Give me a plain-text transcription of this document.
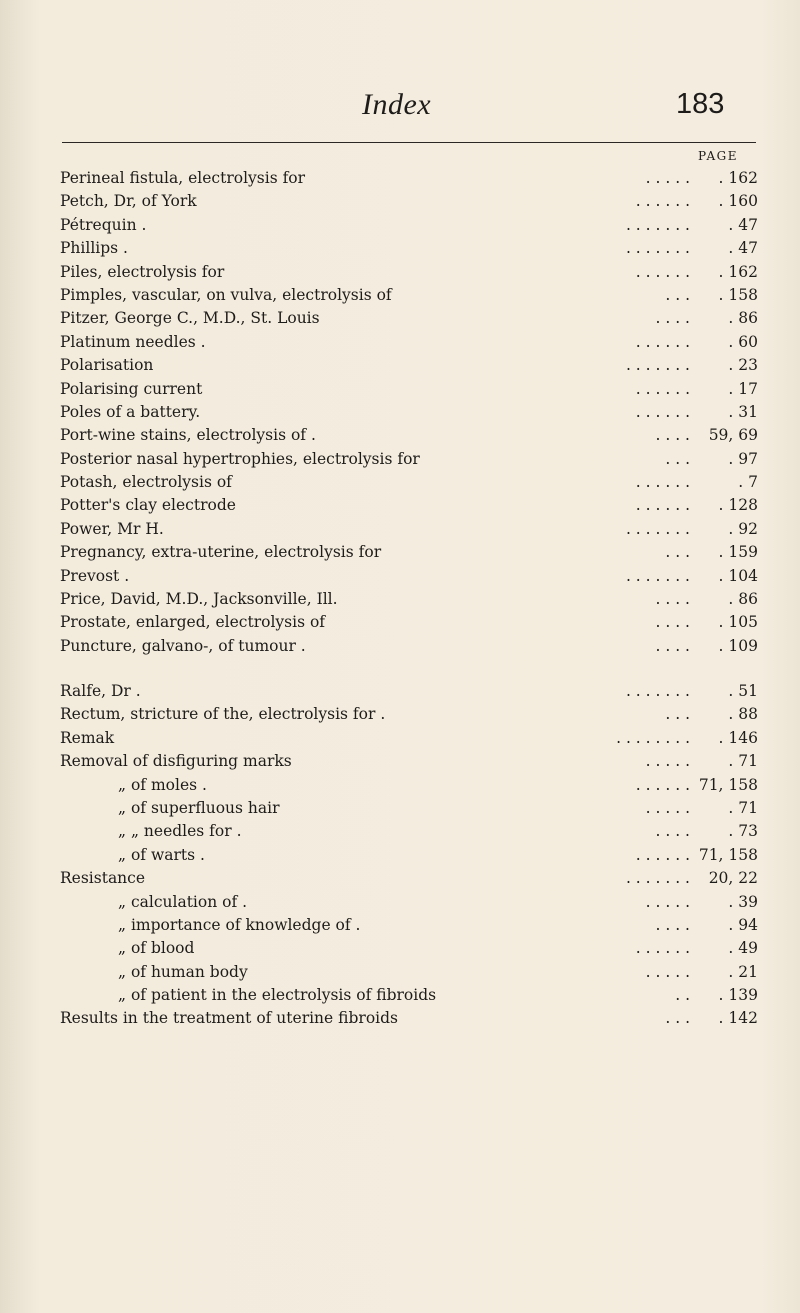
Index	183
PAGE
Perineal fistula, electrolysis for	. . . . . . 162
Petch, Dr, of York	. . . . . . . 160
Pétrequin .	. . . . . . . . 47
Phillips .	. . . . . . . . 47
Piles, electrolysis for	. . . . . . . 162
Pimples, vascular, on vulva, electrolysis of	. . . . 158
Pitzer, George C., M.D., St. Louis	. . . . . 86
Platinum needles .	. . . . . . . 60
Polarisation	. . . . . . . . 23
Polarising current	. . . . . . . 17
Poles of a battery.	. . . . . . . 31
Port-wine stains, electrolysis of .	. . . . 59, 69
Posterior nasal hypertrophies, electrolysis for	. . . . 97
Potash, electrolysis of	. . . . . .	. 7
Potter's clay electrode	. . . . . . . 128
Power, Mr H.	. . . . . . . . 92
Pregnancy, extra-uterine, electrolysis for	. . . . 159
Prevost .	. . . . . . . . 104
Price, David, M.D., Jacksonville, Ill.	. . . . . 86
Prostate, enlarged, electrolysis of	. . . . . 105
Puncture, galvano-, of tumour .	. . . . . 109
Ralfe, Dr .	. . . . . . . . 51
Rectum, stricture of the, electrolysis for .	. . . . 88
Remak	. . . . . . . . . 146
Removal of disfiguring marks	. . . . . . 71
„ of moles .	. . . . . . 71, 158
„ of superfluous hair	. . . . . . 71
„ „ needles for .	. . . . . 73
„ of warts .	. . . . . . 71, 158
Resistance	. . . . . . . 20, 22
„ calculation of .	. . . . . . 39
„ importance of knowledge of .	. . . . . 94
„ of blood	. . . . . . . 49
„ of human body	. . . . . . 21
„ of patient in the electrolysis of fibroids	. . . 139
Results in the treatment of uterine fibroids	. . . . 142
